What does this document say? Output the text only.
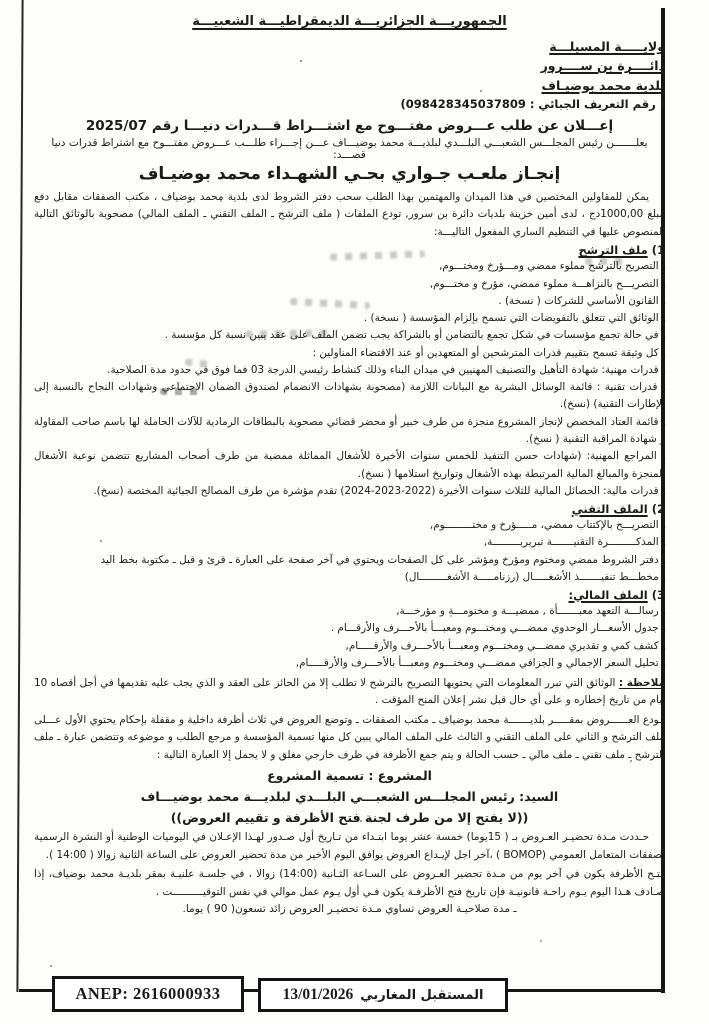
الجمهوريـــة الجزائريـــة الديمقراطيـــة الشعبيـــة
ولايـــــة المسيلـــة
دائــــرة بن ســــرور
بلدية محمد بوضيـاف
( رقم التعريف الجبائي : 098428345037809)
إعـــلان عن طلب عـــروض مفتـــوح مع اشتـــراط قـــدرات دنيـــا رقم 2025/07
يعلـــــــن رئيس المجلـــس الشعبـــي البلـــدي لبلديـــة محمد بوضيـــاف عـــن إجـــراء طلـــب عـــروض مفتـــوح مع اشتراط قدرات دنيا قصـــد:
إنجـاز ملعـب جـواري بحـي الشهـداء محمد بوضيـاف

يمكن للمقاولين المختصين في هذا الميدان والمهتمين بهذا الطلب سحب دفتر الشروط لدى بلدية محمد بوضياف ، مكتب الصفقات مقابل دفع مبلغ 1000,00دج ، لدى أمين خزينة بلديات دائرة بن سرور, تودع الملفات ( ملف الترشح ـ الملف التقني ـ الملف المالي) مصحوبة بالوثائق التالية المنصوص عليها في التنظيم الساري المفعول التاليـــة:

1) ملف الترشح

ـ التصريح بالترشح مملوء ممضي ومـــؤرخ ومختـــوم,

ـ التصريـــح بالنزاهـــة مملوء ممضي، مؤرخ و مختـــوم,

ـ القانون الأساسي للشركات ( نسخة) .

ـ الوثائق التي تتعلق بالتفويضات التي تسمح بإلزام المؤسسة ( نسخة) .

ـ في حالة تجمع مؤسسات في شكل تجمع بالتضامن أو بالشراكة يجب تضمن الملف على عقد يبين نسبة كل مؤسسة .

ـ كل وثيقة تسمح بتقييم قدرات المترشحين أو المتعهدين أو عند الاقتضاء المناولين :

ـ قدرات مهنية: شهادة التأهيل والتصنيف المهنيين في ميدان البناء وذلك كنشاط رئيسي الدرجة 03 فما فوق في حدود مدة الصلاحية.

ـ قدرات تقنية : قائمة الوسائل البشرية مع البيانات اللازمة (مصحوبة بشهادات الانضمام لصندوق الضمان الاجتماعي وشهادات النجاح بالنسبة إلى الإطارات التقنية) (نسخ).

ـ قائمة العتاد المخصص لإنجاز المشروع منجزة من طرف خبير أو محضر قضائي مصحوبة بالبطاقات الرمادية للآلات الحاملة لها باسم صاحب المقاولة و شهادة المراقبة التقنية ( نسخ).

ـ المراجع المهنية: (شهادات حسن التنفيذ للخمس سنوات الأخيرة للأشغال المماثلة ممضية من طرف أصحاب المشاريع تتضمن نوعية الأشغال المنجزة والمبالغ المالية المرتبطة بهذه الأشغال وتواريخ استلامها ( نسخ).

ـ قدرات مالية: الحصائل المالية للثلاث سنوات الأخيرة (2022-2023-2024) تقدم مؤشرة من طرف المصالح الجبائية المختصة (نسخ).

2) الملف التقني

ـ التصريـــح بالإكتتاب ممضي، مـــــؤرخ و مختـــــــــوم,

ـ المذكـــــــــرة التقنيـــــــة تبريريـــــــــة,

ـ دفتر الشروط ممضي ومختوم ومؤرخ ومؤشر على كل الصفحات ويحتوي في آخر صفحة على العبارة ـ قرئ و قبل ـ مكتوبة بخط اليد

ـ مخطـــط تنفيـــــــذ الأشغـــــال (رزنامـــــة الأشغـــــــــال)

3) الملف المالي:

ـ رسالـــة التعهد معبـــــــأة , ممضيـــة و مختومـــة و مؤرخـــة,

ـ جدول الأسعـــار الوحدوي ممضـــي ومختـــوم ومعبـــأ بالأحـــرف والأرقـــام .

ـ كشف كمي و تقديري ممضـــي ومختـــوم ومعبـــأ بالأحـــرف والأرقـــــام,

ـ تحليل السعر الإجمالي و الجزافي ممضـــي ومختـــوم ومعبـــأ بالأحـــرف والأرقـــــام,

ملاحظة : الوثائق التي تبرر المعلومات التي يحتويها التصريح بالترشح لا تطلب إلا من الحائز على العقد و الذي يجب عليه تقديمها في أجل أقصاه 10 أيام من تاريخ إخطاره و على أي حال قبل نشر إعلان المنح المؤقت .

تـودع العــــــروض بمقـــــر بلديـــــــة محمد بوضياف ـ مكتب الصفقات ـ وتوضع العروض في ثلاث أظرفة داخلية و مقفلة بإحكام يحتوي الأول عـــلى ملف الترشح و الثاني على الملف التقني و الثالث على الملف المالي يبين كل منها تسمية المؤسسة و مرجع الطلب و موضوعه وتتضمن عبارة ـ ملف الترشح ـ ملف تقني ـ ملف مالي ـ حسب الحالة و يتم جمع الأظرفة في ظرف خارجي مغلق و لا يحمل إلا العبارة التالية :

المشروع : تسمية المشروع
السيد: رئيس المجلـــس الشعبـــي البلـــدي لبلديـــة محمد بوضيـــاف
((لا يفتح إلا من طرف لجنة فتح الأظرفة و تقييم العروض))

حـددت مـدة تحضيـر العـروض بـ ( 15يوما) خمسة عشر يوما ابتـداء من تـاريخ أول صـدور لهـذا الإعـلان في اليوميات الوطنية أو النشرة الرسمية لصفقات المتعامل العمومي (BOMOP ) ،آخر اجل لإيـداع العروض يوافق اليوم الأخير من مدة تحضير العروض على الساعة الثانية زوالا ( 14:00 ).

فتـح الأظرفة يكون في آخر يوم من مـدة تحضير العـروض على السـاعة الثـانية (14:00) زوالا ، في جلسـة علنيـة بمقر بلديـة محمد بوضياف، إذا صـادف هـذا اليوم يـوم راحـة قانونيـة فإن تاريخ فتح الأظرفـة يكون فـي أول يـوم عمل موالي في نفس التوقيــــــــــت .

ـ مدة صلاحيـة العروض تساوي مـدة تحضيـر العروض زائد تسعون( 90 ) يوما.

ANEP: 2616000933	المستقبل المغاربي
13/01/2026
